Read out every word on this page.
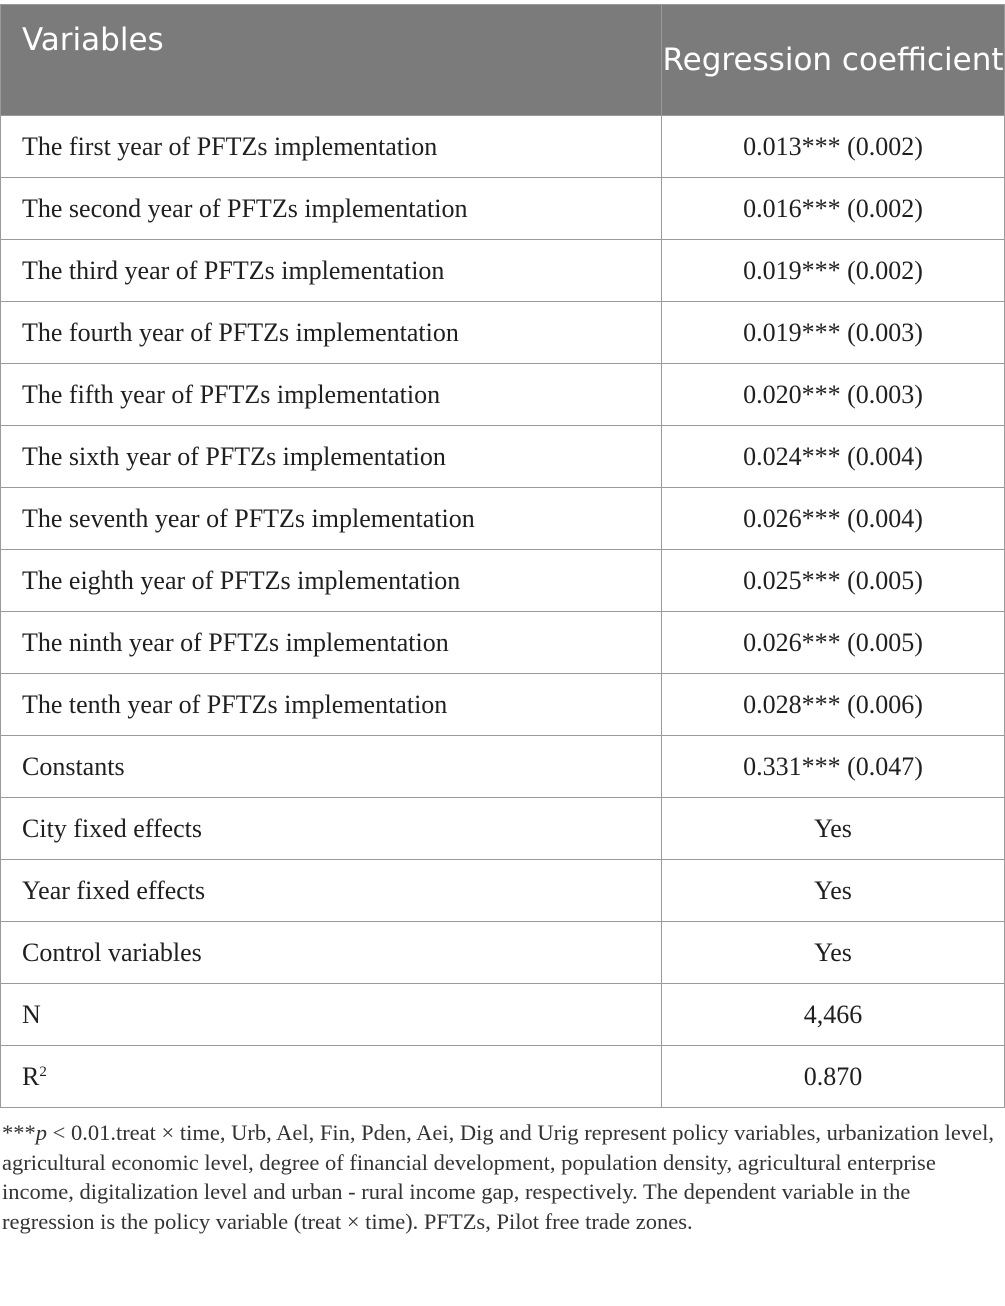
Variables	Regression coefficient
The first year of PFTZs implementation	0.013*** (0.002)
The second year of PFTZs implementation	0.016*** (0.002)
The third year of PFTZs implementation	0.019*** (0.002)
The fourth year of PFTZs implementation	0.019*** (0.003)
The fifth year of PFTZs implementation	0.020*** (0.003)
The sixth year of PFTZs implementation	0.024*** (0.004)
The seventh year of PFTZs implementation	0.026*** (0.004)
The eighth year of PFTZs implementation	0.025*** (0.005)
The ninth year of PFTZs implementation	0.026*** (0.005)
The tenth year of PFTZs implementation	0.028*** (0.006)
Constants	0.331*** (0.047)
City fixed effects	Yes
Year fixed effects	Yes
Control variables	Yes
N	4,466
$R^2$	0.870

***p < 0.01.treat × time, Urb, Ael, Fin, Pden, Aei, Dig and Urig represent policy variables, urbanization level, agricultural economic level, degree of financial development, population density, agricultural enterprise income, digitalization level and urban - rural income gap, respectively. The dependent variable in the regression is the policy variable (treat × time). PFTZs, Pilot free trade zones.
